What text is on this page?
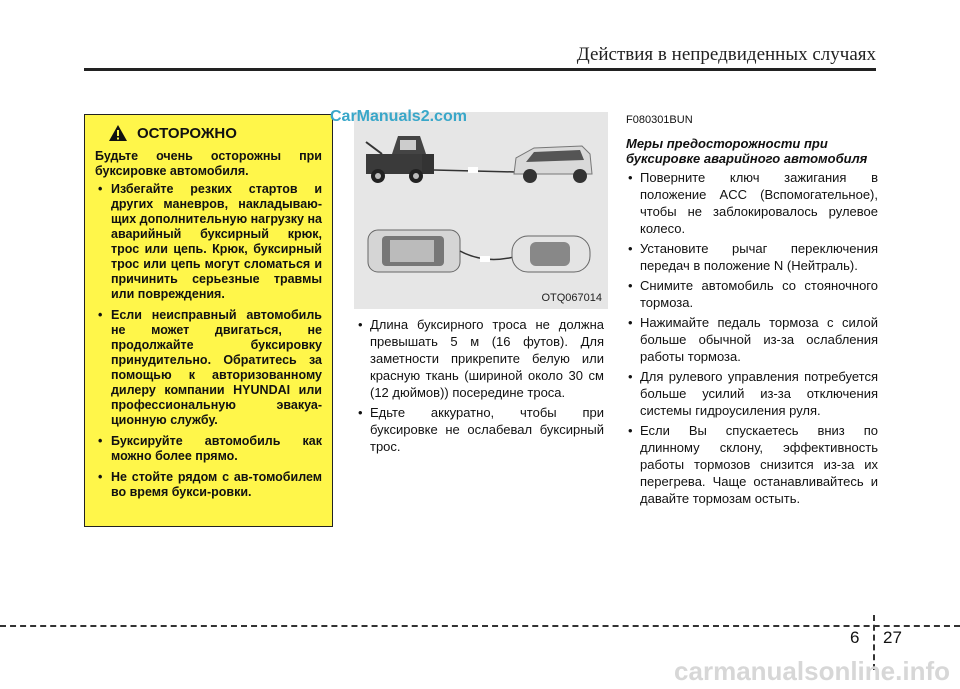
Действия в непредвиденных случаях
ОСТОРОЖНО

Будьте очень осторожны при буксировке автомобиля.

• Избегайте резких стартов и других маневров, накладываю-щих дополнительную нагрузку на аварийный буксирный крюк, трос или цепь. Крюк, буксирный трос или цепь могут сломаться и причинить серьезные травмы или повреждения.
• Если неисправный автомобиль не может двигаться, не продолжайте буксировку принудительно. Обратитесь за помощью к авторизованному дилеру компании HYUNDAI или профессиональную эвакуа-ционную службу.
• Буксируйте автомобиль как можно более прямо.
• Не стойте рядом с ав-томобилем во время букси-ровки.
OTQ067014
CarManuals2.com
• Длина буксирного троса не должна превышать 5 м (16 футов). Для заметности прикрепите белую или красную ткань (шириной около 30 см (12 дюймов)) посередине троса.
• Едьте аккуратно, чтобы при буксировке не ослабевал буксирный трос.
F080301BUN
Меры предосторожности при буксировке аварийного автомобиля
• Поверните ключ зажигания в положение ACC (Вспомогательное), чтобы не заблокировалось рулевое колесо.
• Установите рычаг переключения передач в положение N (Нейтраль).
• Снимите автомобиль со стояночного тормоза.
• Нажимайте педаль тормоза с силой больше обычной из-за ослабления работы тормоза.
• Для рулевого управления потребуется больше усилий из-за отключения системы гидроусиления руля.
• Если Вы спускаетесь вниз по длинному склону, эффективность работы тормозов снизится из-за их перегрева. Чаще останавливайтесь и давайте тормозам остыть.
6 27
carmanualsonline.info
